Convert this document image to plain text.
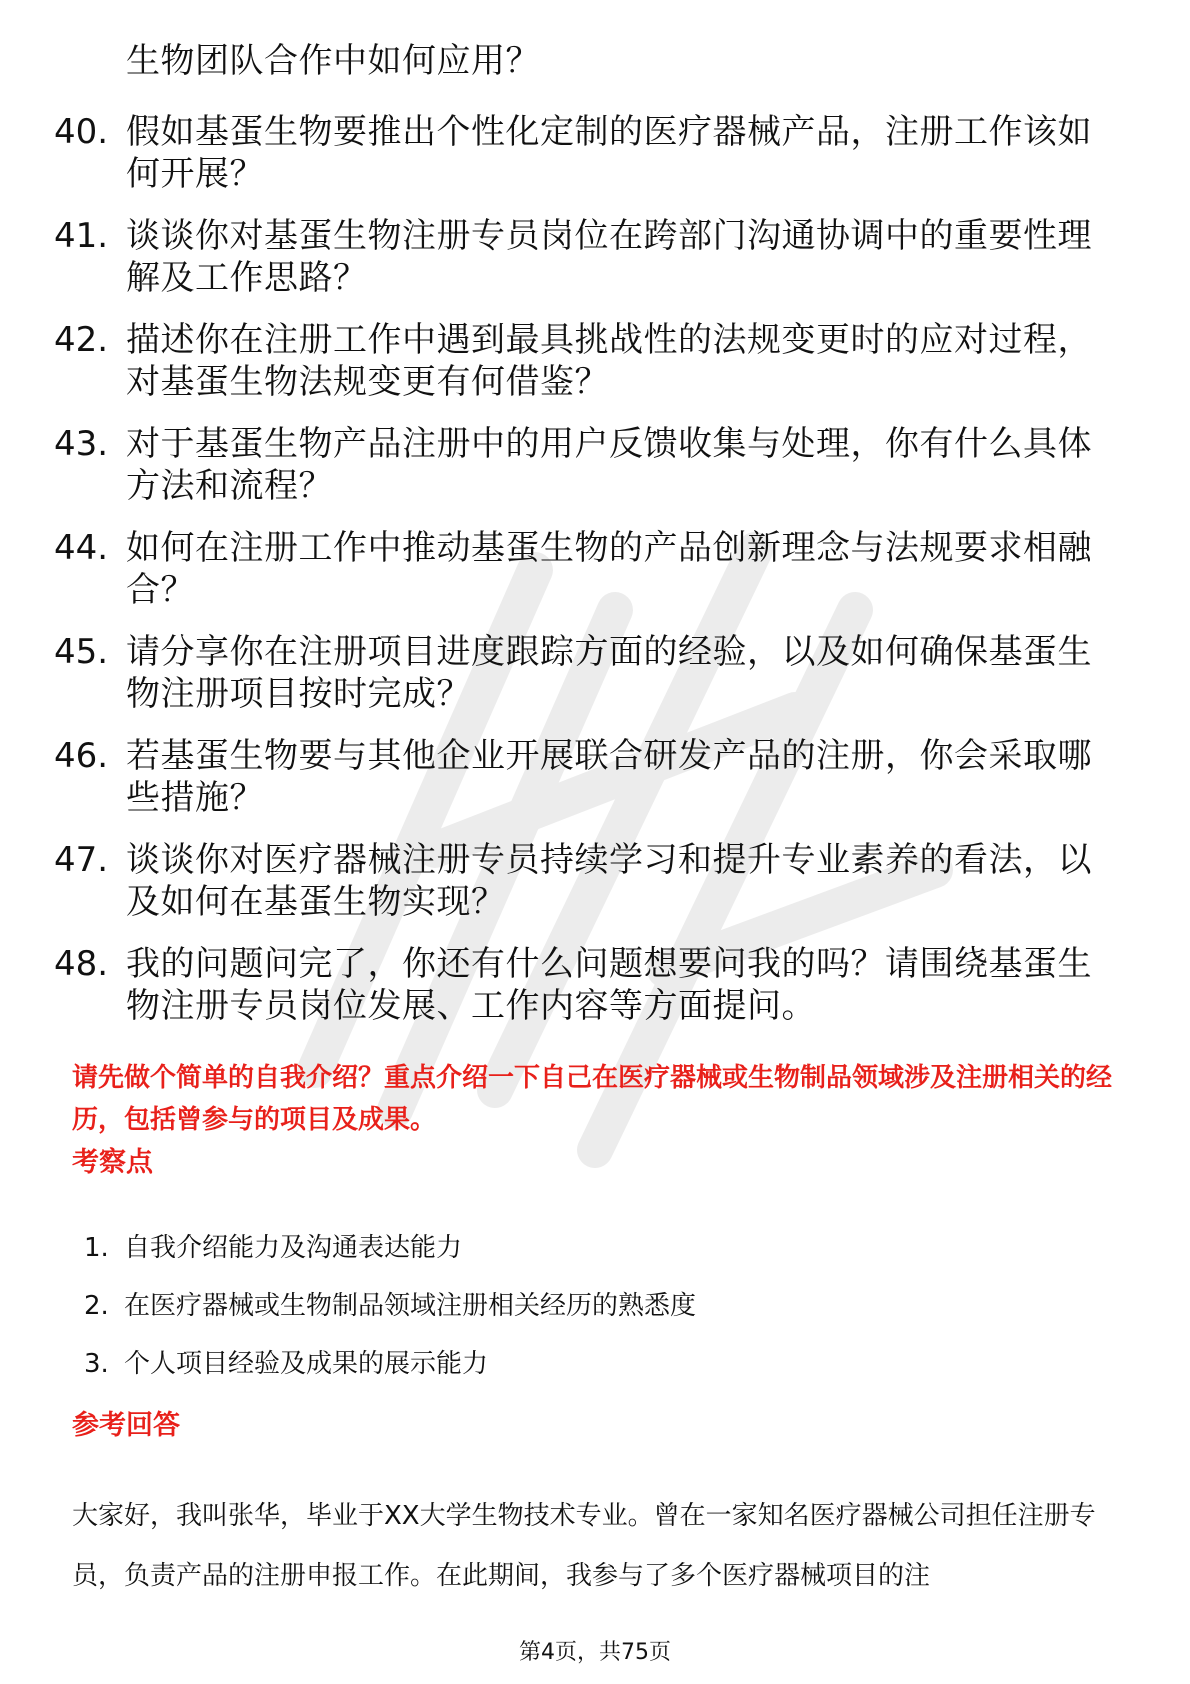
生物团队合作中如何应用？
40. 假如基蛋生物要推出个性化定制的医疗器械产品，注册工作该如何开展？
41. 谈谈你对基蛋生物注册专员岗位在跨部门沟通协调中的重要性理解及工作思路？
42. 描述你在注册工作中遇到最具挑战性的法规变更时的应对过程，对基蛋生物法规变更有何借鉴？
43. 对于基蛋生物产品注册中的用户反馈收集与处理，你有什么具体方法和流程？
44. 如何在注册工作中推动基蛋生物的产品创新理念与法规要求相融合？
45. 请分享你在注册项目进度跟踪方面的经验，以及如何确保基蛋生物注册项目按时完成？
46. 若基蛋生物要与其他企业开展联合研发产品的注册，你会采取哪些措施？
47. 谈谈你对医疗器械注册专员持续学习和提升专业素养的看法，以及如何在基蛋生物实现？
48. 我的问题问完了，你还有什么问题想要问我的吗？请围绕基蛋生物注册专员岗位发展、工作内容等方面提问。
请先做个简单的自我介绍？重点介绍一下自己在医疗器械或生物制品领域涉及注册相关的经历，包括曾参与的项目及成果。
考察点
1. 自我介绍能力及沟通表达能力
2. 在医疗器械或生物制品领域注册相关经历的熟悉度
3. 个人项目经验及成果的展示能力
参考回答
大家好，我叫张华，毕业于XX大学生物技术专业。曾在一家知名医疗器械公司担任注册专员，负责产品的注册申报工作。在此期间，我参与了多个医疗器械项目的注
第4页，共75页
